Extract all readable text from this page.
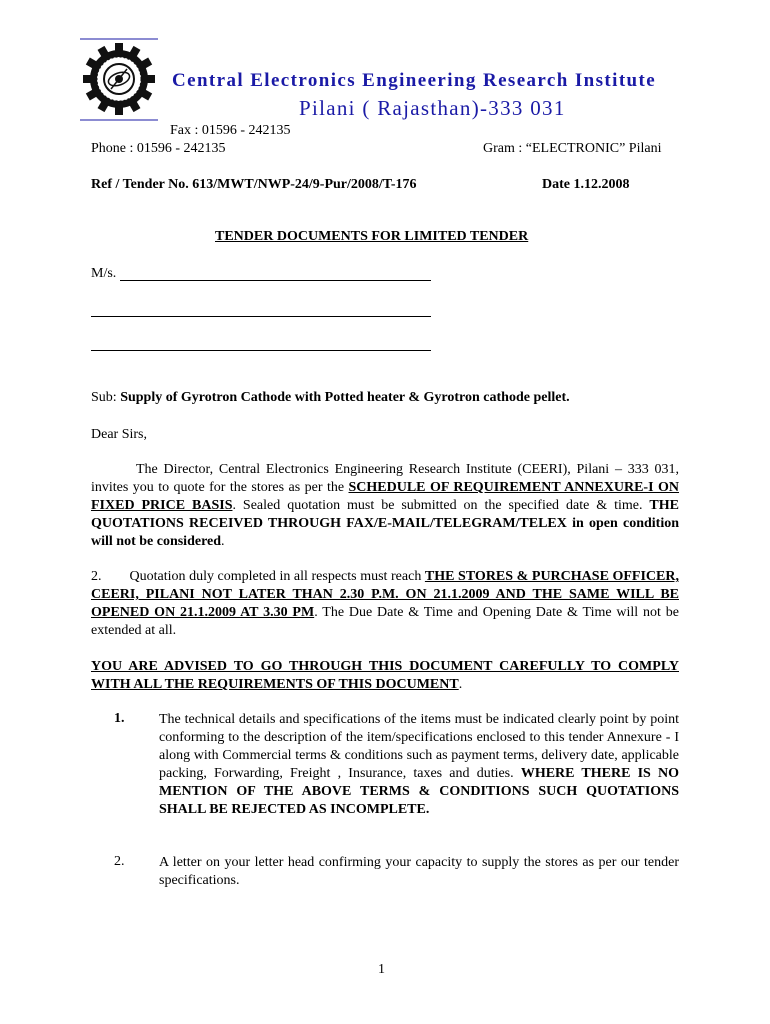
Central Electronics Engineering Research Institute
Pilani ( Rajasthan)-333 031
Fax : 01596 - 242135
Phone : 01596 - 242135	Gram : “ELECTRONIC” Pilani
Ref / Tender No. 613/MWT/NWP-24/9-Pur/2008/T-176	Date 1.12.2008
TENDER DOCUMENTS FOR LIMITED TENDER
M/s.
Sub: Supply of Gyrotron Cathode with Potted heater & Gyrotron cathode pellet.
Dear Sirs,
The Director, Central Electronics Engineering Research Institute (CEERI), Pilani – 333 031, invites you to quote for the stores as per the SCHEDULE OF REQUIREMENT ANNEXURE-I ON FIXED PRICE BASIS. Sealed quotation must be submitted on the specified date & time. THE QUOTATIONS RECEIVED THROUGH FAX/E-MAIL/TELEGRAM/TELEX in open condition will not be considered.
2. Quotation duly completed in all respects must reach THE STORES & PURCHASE OFFICER, CEERI, PILANI NOT LATER THAN 2.30 P.M. ON 21.1.2009 AND THE SAME WILL BE OPENED ON 21.1.2009 AT 3.30 PM. The Due Date & Time and Opening Date & Time will not be extended at all.
YOU ARE ADVISED TO GO THROUGH THIS DOCUMENT CAREFULLY TO COMPLY WITH ALL THE REQUIREMENTS OF THIS DOCUMENT.
1. The technical details and specifications of the items must be indicated clearly point by point conforming to the description of the item/specifications enclosed to this tender Annexure - I along with Commercial terms & conditions such as payment terms, delivery date, applicable packing, Forwarding, Freight , Insurance, taxes and duties. WHERE THERE IS NO MENTION OF THE ABOVE TERMS & CONDITIONS SUCH QUOTATIONS SHALL BE REJECTED AS INCOMPLETE.
2. A letter on your letter head confirming your capacity to supply the stores as per our tender specifications.
1
